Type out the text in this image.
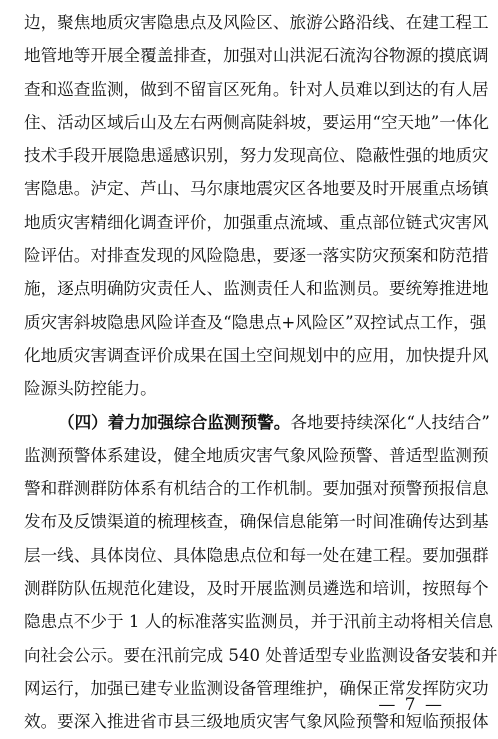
边，聚焦地质灾害隐患点及风险区、旅游公路沿线、在建工程工
地管地等开展全覆盖排查，加强对山洪泥石流沟谷物源的摸底调
查和巡查监测，做到不留盲区死角。针对人员难以到达的有人居
住、活动区域后山及左右两侧高陡斜坡，要运用“空天地”一体化
技术手段开展隐患遥感识别，努力发现高位、隐蔽性强的地质灾
害隐患。泸定、芦山、马尔康地震灾区各地要及时开展重点场镇
地质灾害精细化调查评价，加强重点流域、重点部位链式灾害风
险评估。对排查发现的风险隐患，要逐一落实防灾预案和防范措
施，逐点明确防灾责任人、监测责任人和监测员。要统筹推进地
质灾害斜坡隐患风险详查及“隐患点+风险区”双控试点工作，强
化地质灾害调查评价成果在国土空间规划中的应用，加快提升风
险源头防控能力。
（四）着力加强综合监测预警。各地要持续深化“人技结合”
监测预警体系建设，健全地质灾害气象风险预警、普适型监测预
警和群测群防体系有机结合的工作机制。要加强对预警预报信息
发布及反馈渠道的梳理核查，确保信息能第一时间准确传达到基
层一线、具体岗位、具体隐患点位和每一处在建工程。要加强群
测群防队伍规范化建设，及时开展监测员遴选和培训，按照每个
隐患点不少于 1 人的标准落实监测员，并于汛前主动将相关信息
向社会公示。要在汛前完成 540 处普适型专业监测设备安装和并
网运行，加强已建专业监测设备管理维护，确保正常发挥防灾功
效。要深入推进省市县三级地质灾害气象风险预警和短临预报体
— 7 —
